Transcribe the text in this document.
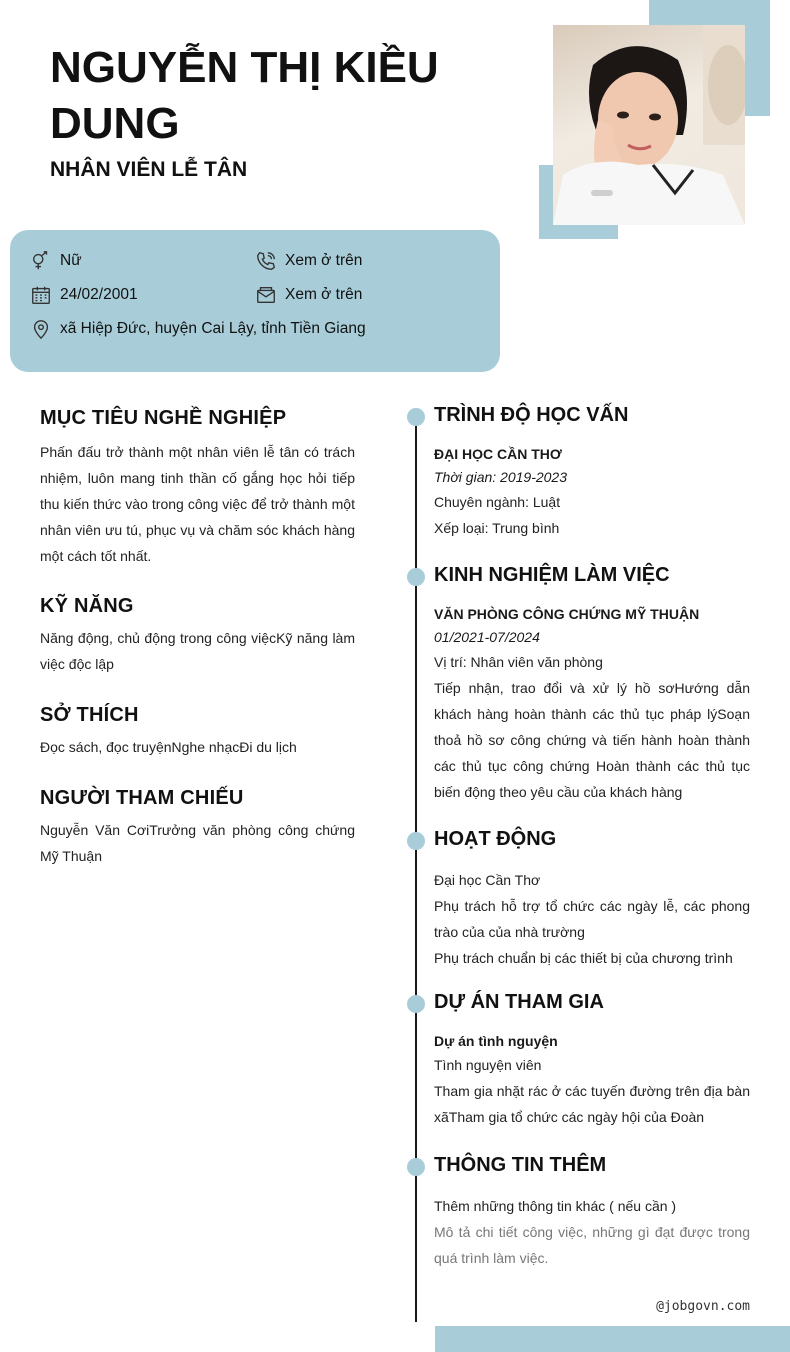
NGUYỄN THỊ KIỀU DUNG
NHÂN VIÊN LỄ TÂN
Nữ
24/02/2001
xã Hiệp Đức, huyện Cai Lậy, tỉnh Tiền Giang
Xem ở trên
Xem ở trên
MỤC TIÊU NGHỀ NGHIỆP

Phấn đấu trở thành một nhân viên lễ tân có trách nhiệm, luôn mang tinh thần cố gắng học hỏi tiếp thu kiến thức vào trong công việc để trở thành một nhân viên ưu tú, phục vụ và chăm sóc khách hàng một cách tốt nhất.

KỸ NĂNG

Năng động, chủ động trong công việcKỹ năng làm việc độc lập

SỞ THÍCH

Đọc sách, đọc truyệnNghe nhạcĐi du lịch

NGƯỜI THAM CHIẾU

Nguyễn Văn CơiTrưởng văn phòng công chứng Mỹ Thuận

TRÌNH ĐỘ HỌC VẤN
ĐẠI HỌC CẦN THƠ
Thời gian: 2019-2023

Chuyên ngành: Luật

Xếp loại: Trung bình

KINH NGHIỆM LÀM VIỆC
VĂN PHÒNG CÔNG CHỨNG MỸ THUẬN
01/2021-07/2024

Vị trí: Nhân viên văn phòng

Tiếp nhận, trao đổi và xử lý hồ sơHướng dẫn khách hàng hoàn thành các thủ tục pháp lýSoạn thoả hồ sơ công chứng và tiến hành hoàn thành các thủ tục công chứng Hoàn thành các thủ tục biến động theo yêu cầu của khách hàng

HOẠT ĐỘNG

Đại học Cần Thơ

Phụ trách hỗ trợ tổ chức các ngày lễ, các phong trào của của nhà trường

Phụ trách chuẩn bị các thiết bị của chương trình

DỰ ÁN THAM GIA
Dự án tình nguyện

Tình nguyện viên

Tham gia nhặt rác ở các tuyến đường trên địa bàn xãTham gia tổ chức các ngày hội của Đoàn

THÔNG TIN THÊM

Thêm những thông tin khác ( nếu cần )

Mô tả chi tiết công việc, những gì đạt được trong quá trình làm việc.

@jobgovn.com
